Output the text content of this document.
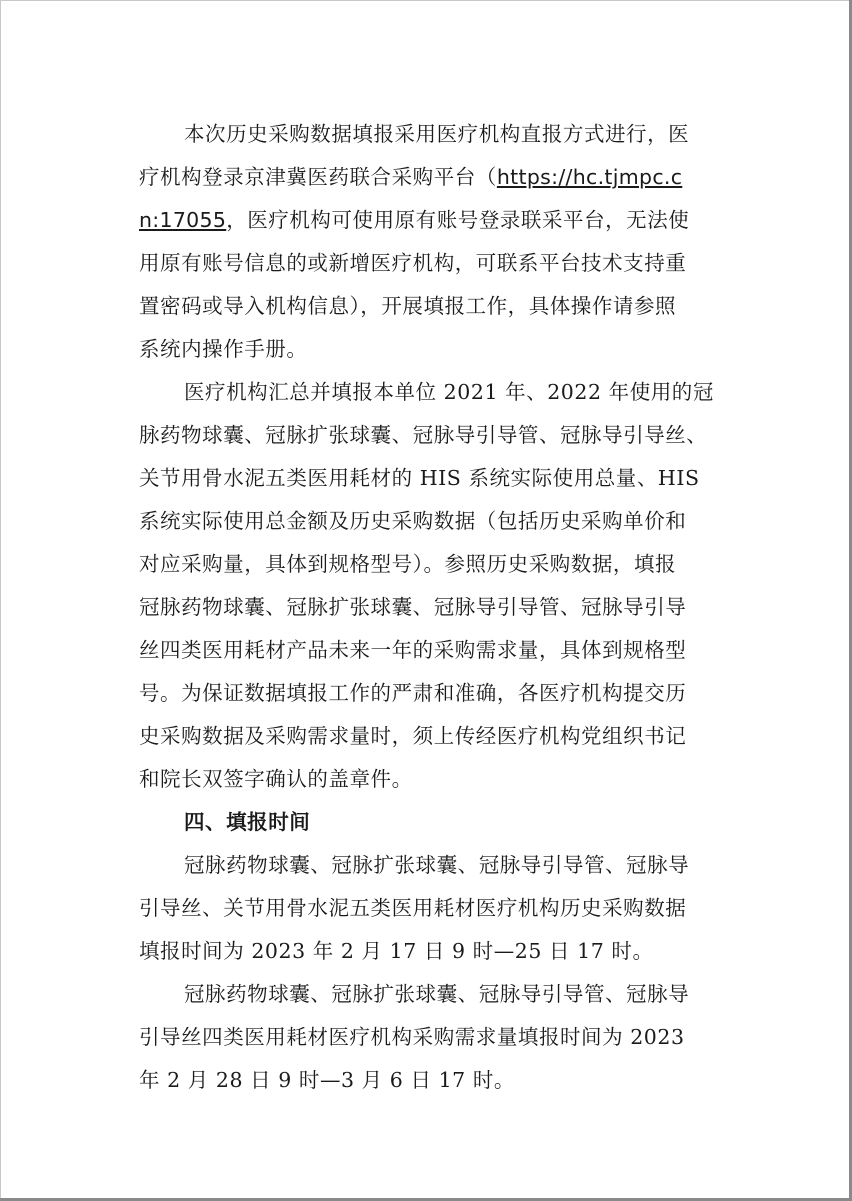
本次历史采购数据填报采用医疗机构直报方式进行，医

疗机构登录京津冀医药联合采购平台（https://hc.tjmpc.c

n:17055，医疗机构可使用原有账号登录联采平台，无法使

用原有账号信息的或新增医疗机构，可联系平台技术支持重

置密码或导入机构信息），开展填报工作，具体操作请参照

系统内操作手册。

医疗机构汇总并填报本单位 2021 年、2022 年使用的冠

脉药物球囊、冠脉扩张球囊、冠脉导引导管、冠脉导引导丝、

关节用骨水泥五类医用耗材的 HIS 系统实际使用总量、HIS

系统实际使用总金额及历史采购数据（包括历史采购单价和

对应采购量，具体到规格型号）。参照历史采购数据，填报

冠脉药物球囊、冠脉扩张球囊、冠脉导引导管、冠脉导引导

丝四类医用耗材产品未来一年的采购需求量，具体到规格型

号。为保证数据填报工作的严肃和准确，各医疗机构提交历

史采购数据及采购需求量时，须上传经医疗机构党组织书记

和院长双签字确认的盖章件。

四、填报时间

冠脉药物球囊、冠脉扩张球囊、冠脉导引导管、冠脉导

引导丝、关节用骨水泥五类医用耗材医疗机构历史采购数据

填报时间为 2023 年 2 月 17 日 9 时—25 日 17 时。

冠脉药物球囊、冠脉扩张球囊、冠脉导引导管、冠脉导

引导丝四类医用耗材医疗机构采购需求量填报时间为 2023

年 2 月 28 日 9 时—3 月 6 日 17 时。
